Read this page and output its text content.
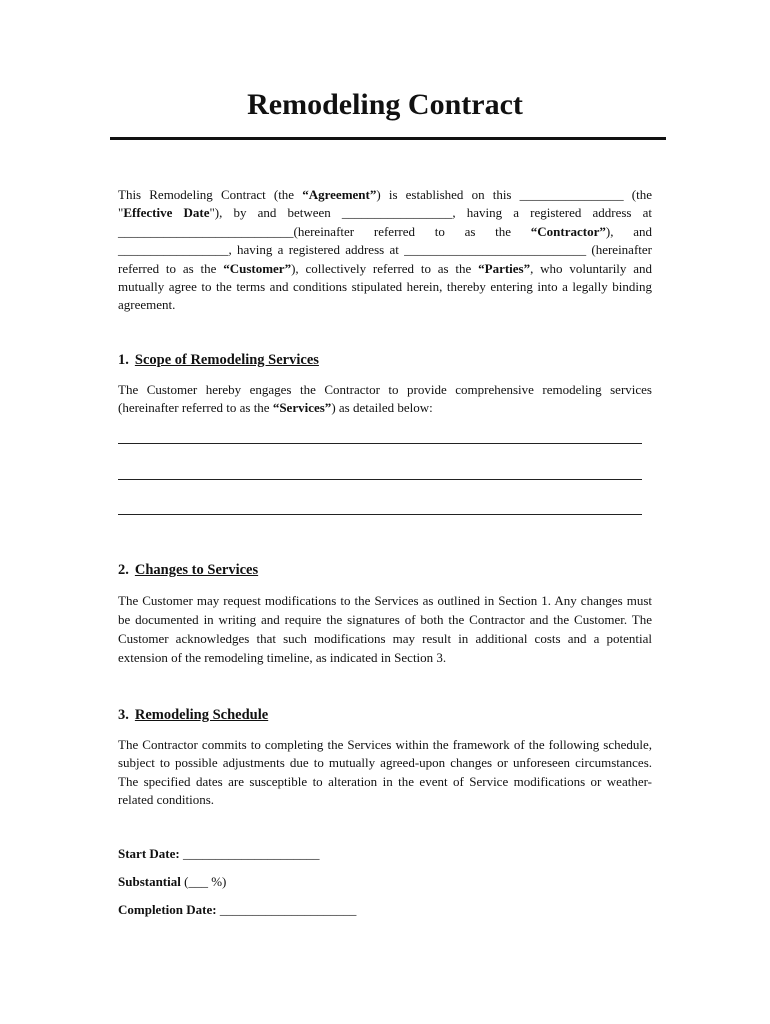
Remodeling Contract

This Remodeling Contract (the “Agreement”) is established on this ________________ (the "Effective Date"), by and between _________________, having a registered address at ___________________________(hereinafter referred to as the “Contractor”), and _________________, having a registered address at ____________________________ (hereinafter referred to as the “Customer”), collectively referred to as the “Parties”, who voluntarily and mutually agree to the terms and conditions stipulated herein, thereby entering into a legally binding agreement.

1. Scope of Remodeling Services

The Customer hereby engages the Contractor to provide comprehensive remodeling services (hereinafter referred to as the “Services”) as detailed below:

2. Changes to Services

The Customer may request modifications to the Services as outlined in Section 1. Any changes must be documented in writing and require the signatures of both the Contractor and the Customer. The Customer acknowledges that such modifications may result in additional costs and a potential extension of the remodeling timeline, as indicated in Section 3.

3. Remodeling Schedule

The Contractor commits to completing the Services within the framework of the following schedule, subject to possible adjustments due to mutually agreed-upon changes or unforeseen circumstances. The specified dates are susceptible to alteration in the event of Service modifications or weather-related conditions.

Start Date: _____________________
Substantial (___ %)
Completion Date: _____________________
